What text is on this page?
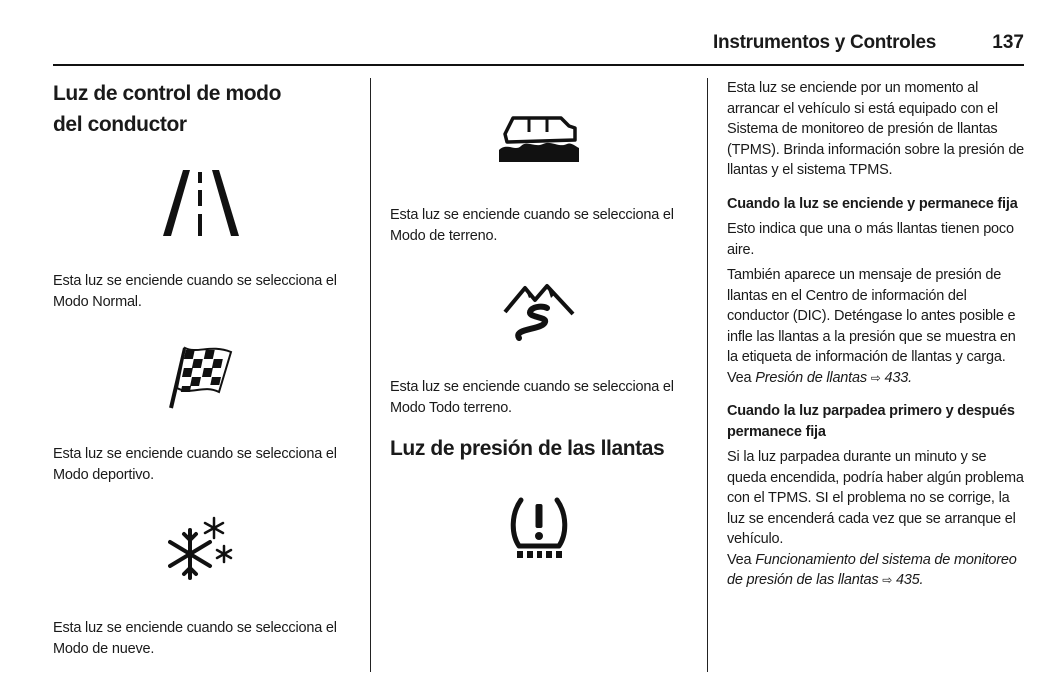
Instrumentos y Controles	137
Luz de control de modo del conductor

Esta luz se enciende cuando se selecciona el Modo Normal.

Esta luz se enciende cuando se selecciona el Modo deportivo.

Esta luz se enciende cuando se selecciona el Modo de nueve.

Esta luz se enciende cuando se selecciona el Modo de terreno.

Esta luz se enciende cuando se selecciona el Modo Todo terreno.

Luz de presión de las llantas

Esta luz se enciende por un momento al arrancar el vehículo si está equipado con el Sistema de monitoreo de presión de llantas (TPMS). Brinda información sobre la presión de llantas y el sistema TPMS.

Cuando la luz se enciende y permanece fija

Esto indica que una o más llantas tienen poco aire.

También aparece un mensaje de presión de llantas en el Centro de información del conductor (DIC). Deténgase lo antes posible e infle las llantas a la presión que se muestra en la etiqueta de información de llantas y carga.

Vea Presión de llantas ⇨ 433.

Cuando la luz parpadea primero y después permanece fija

Si la luz parpadea durante un minuto y se queda encendida, podría haber algún problema con el TPMS. SI el problema no se corrige, la luz se encenderá cada vez que se arranque el vehículo.

Vea Funcionamiento del sistema de monitoreo de presión de las llantas ⇨ 435.
